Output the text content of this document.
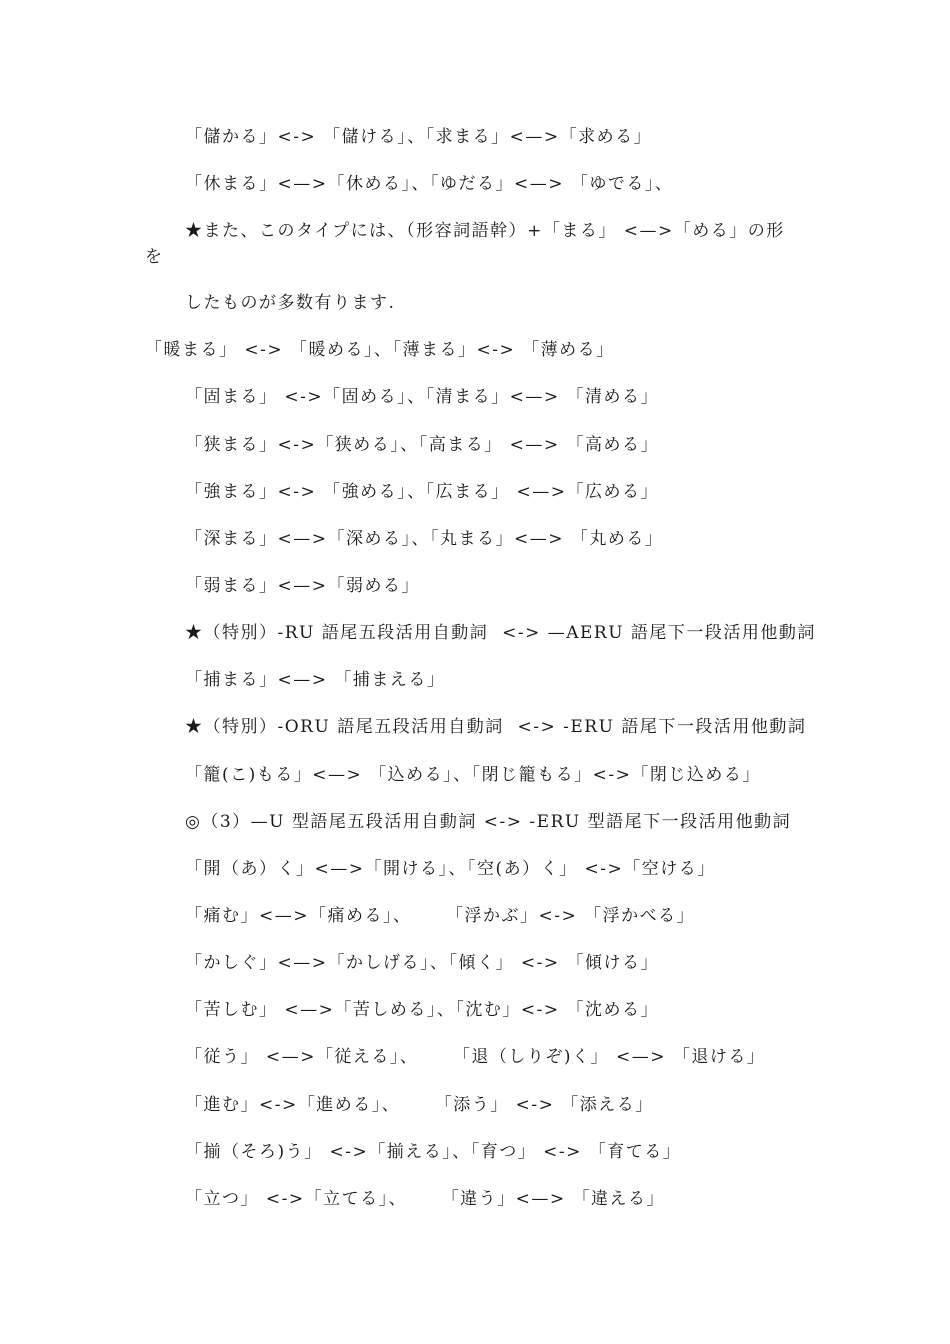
「儲かる」<-> 「儲ける」、「求まる」<—>「求める」
「休まる」<—>「休める」、「ゆだる」<—> 「ゆでる」、
★また、このタイプには、（形容詞語幹）+「まる」 <—>「める」の形
を
したものが多数有ります.
「暖まる」 <-> 「暖める」、「薄まる」<-> 「薄める」
「固まる」 <->「固める」、「清まる」<—> 「清める」
「狭まる」<->「狭める」、「高まる」 <—> 「高める」
「強まる」<-> 「強める」、「広まる」 <—>「広める」
「深まる」<—>「深める」、「丸まる」<—> 「丸める」
「弱まる」<—>「弱める」
★（特別）-RU 語尾五段活用自動詞  <-> —AERU 語尾下一段活用他動詞
「捕まる」<—> 「捕まえる」
★（特別）-ORU 語尾五段活用自動詞  <-> -ERU 語尾下一段活用他動詞
「籠(こ)もる」<—> 「込める」、「閉じ籠もる」<->「閉じ込める」
◎（3）—U 型語尾五段活用自動詞 <-> -ERU 型語尾下一段活用他動詞
「開（あ）く」<—>「開ける」、「空(あ）く」 <->「空ける」
「痛む」<—>「痛める」、     「浮かぶ」<-> 「浮かべる」
「かしぐ」<—>「かしげる」、「傾く」 <-> 「傾ける」
「苦しむ」 <—>「苦しめる」、「沈む」<-> 「沈める」
「従う」 <—>「従える」、     「退（しりぞ)く」 <—> 「退ける」
「進む」<->「進める」、     「添う」 <-> 「添える」
「揃（そろ)う」 <->「揃える」、「育つ」 <-> 「育てる」
「立つ」 <->「立てる」、     「違う」<—> 「違える」
